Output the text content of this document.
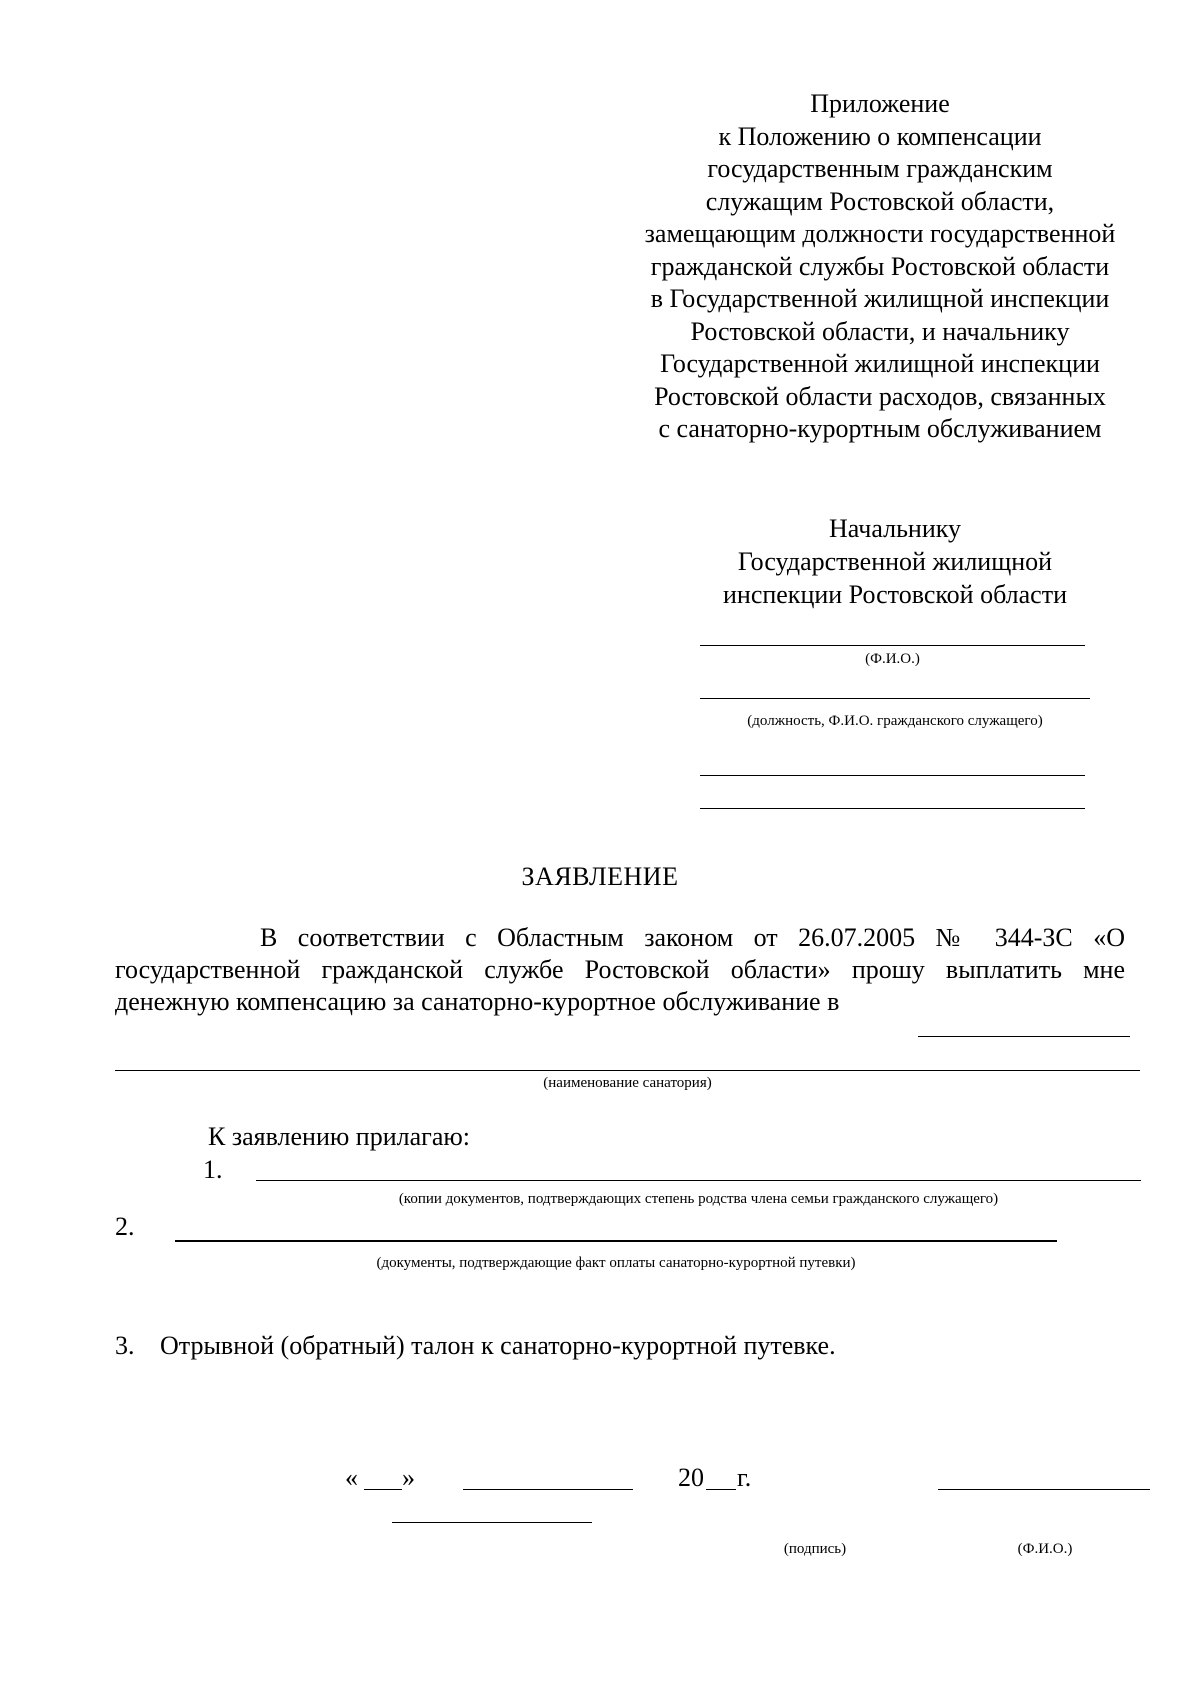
Приложение
к Положению о компенсации
государственным гражданским
служащим Ростовской области,
замещающим должности государственной
гражданской службы Ростовской области
в Государственной жилищной инспекции
Ростовской области, и начальнику
Государственной жилищной инспекции
Ростовской области расходов, связанных
с санаторно-курортным обслуживанием
Начальнику
Государственной жилищной
инспекции Ростовской области
(Ф.И.О.)
(должность, Ф.И.О. гражданского служащего)
ЗАЯВЛЕНИЕ
В соответствии с Областным законом от 26.07.2005 № 344-ЗС «О
государственной гражданской службе Ростовской области» прошу выплатить мне
денежную компенсацию за санаторно-курортное обслуживание в
(наименование санатория)
К заявлению прилагаю:
1.
(копии документов, подтверждающих степень родства члена семьи гражданского служащего)
2.
(документы, подтверждающие факт оплаты санаторно-курортной путевки)
3. Отрывной (обратный) талон к санаторно-курортной путевке.
« »	20 г.
(подпись)	(Ф.И.О.)
